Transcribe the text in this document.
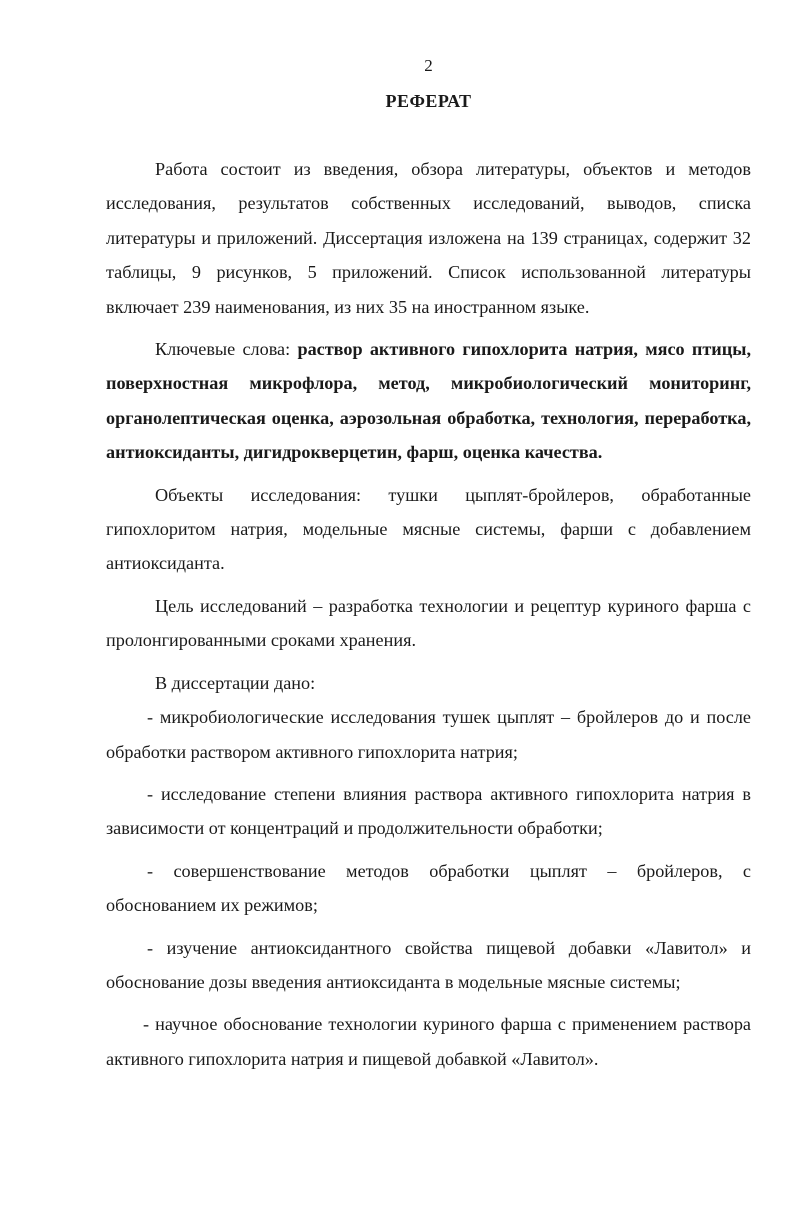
2
РЕФЕРАТ

Работа состоит из введения, обзора литературы, объектов и методов исследования, результатов собственных исследований, выводов, списка литературы и приложений. Диссертация изложена на 139 страницах, содержит 32 таблицы, 9 рисунков, 5 приложений. Список использованной литературы включает 239 наименования, из них 35 на иностранном языке.

Ключевые слова: раствор активного гипохлорита натрия, мясо птицы, поверхностная микрофлора, метод, микробиологический мониторинг, органолептическая оценка, аэрозольная обработка, технология, переработка, антиоксиданты, дигидрокверцетин, фарш, оценка качества.

Объекты исследования: тушки цыплят-бройлеров, обработанные гипохлоритом натрия, модельные мясные системы, фарши с добавлением антиоксиданта.

Цель исследований – разработка технологии и рецептур куриного фарша с пролонгированными сроками хранения.

В диссертации дано:

- микробиологические исследования тушек цыплят – бройлеров до и после обработки раствором активного гипохлорита натрия;

- исследование степени влияния раствора активного гипохлорита натрия в зависимости от концентраций и продолжительности обработки;

- совершенствование методов обработки цыплят – бройлеров, с обоснованием их режимов;

- изучение антиоксидантного свойства пищевой добавки «Лавитол» и обоснование дозы введения антиоксиданта в модельные мясные системы;

- научное обоснование технологии куриного фарша с применением раствора активного гипохлорита натрия и пищевой добавкой «Лавитол».
